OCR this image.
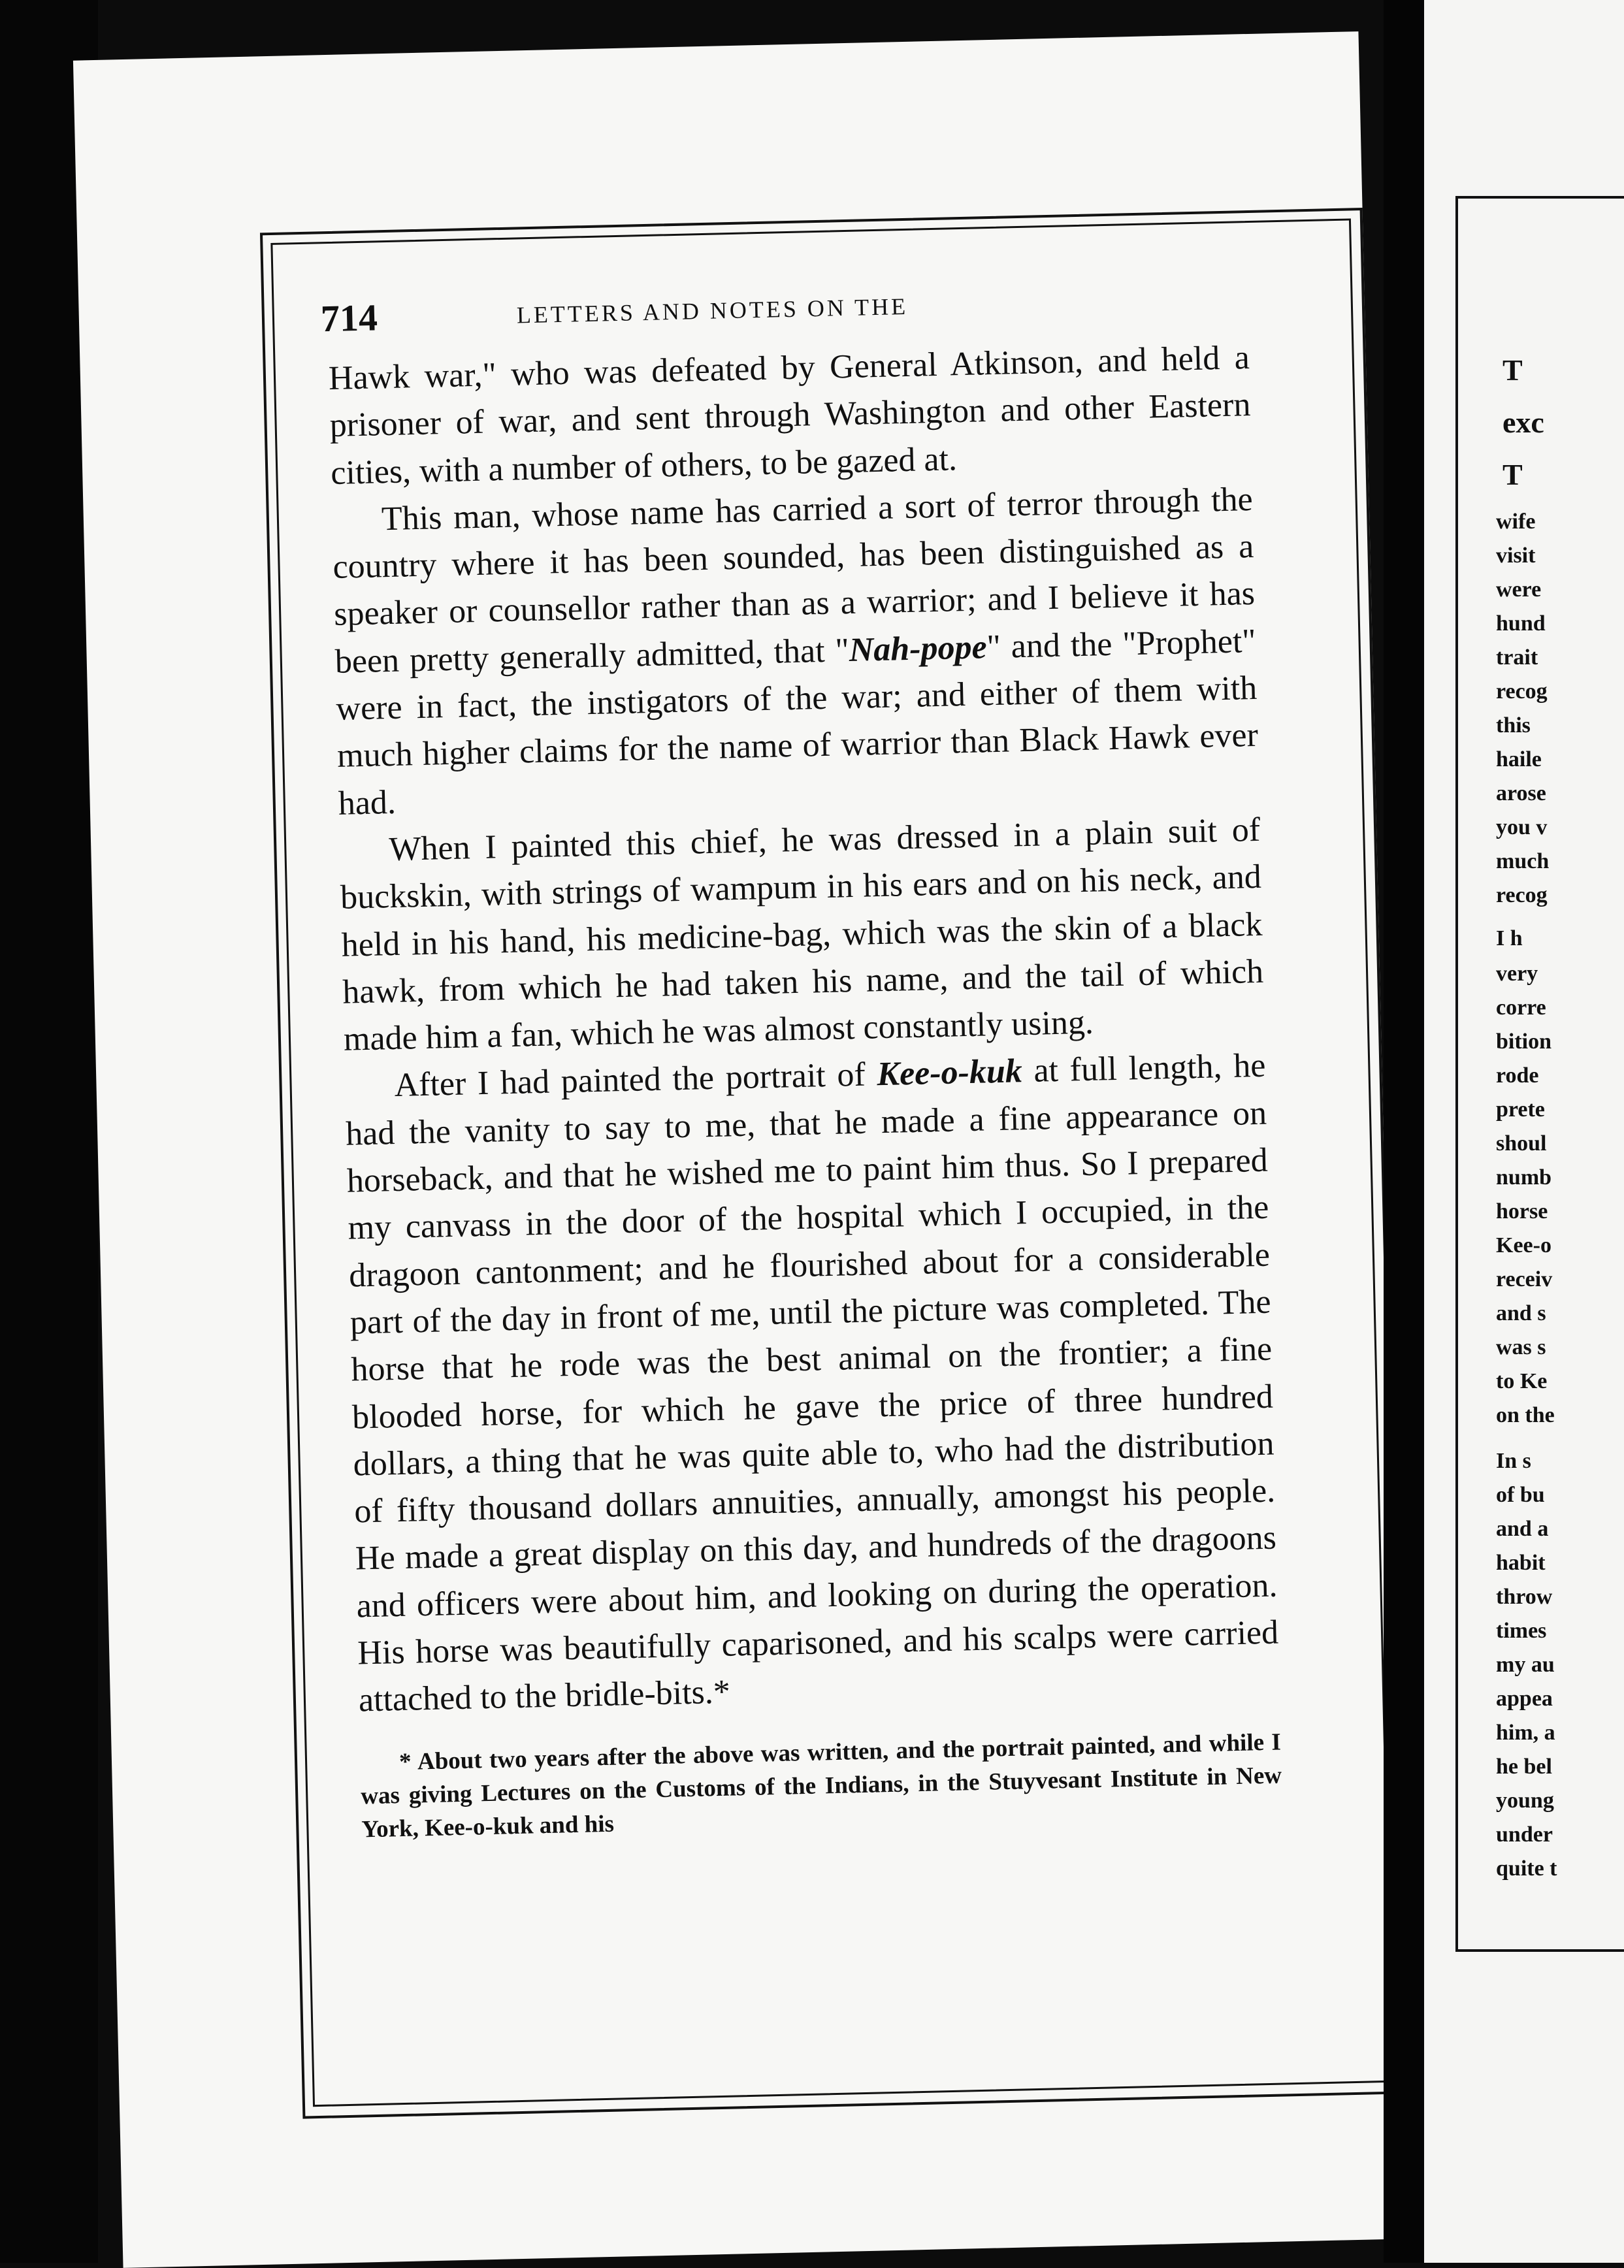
714	LETTERS AND NOTES ON THE

Hawk war," who was defeated by General Atkinson, and held a prisoner of war, and sent through Washington and other Eastern cities, with a number of others, to be gazed at.

This man, whose name has carried a sort of terror through the country where it has been sounded, has been distinguished as a speaker or counsellor rather than as a warrior; and I believe it has been pretty generally admitted, that "Nah-pope" and the "Prophet" were in fact, the instigators of the war; and either of them with much higher claims for the name of warrior than Black Hawk ever had.

When I painted this chief, he was dressed in a plain suit of buckskin, with strings of wampum in his ears and on his neck, and held in his hand, his medicine-bag, which was the skin of a black hawk, from which he had taken his name, and the tail of which made him a fan, which he was almost constantly using.

After I had painted the portrait of Kee-o-kuk at full length, he had the vanity to say to me, that he made a fine appearance on horseback, and that he wished me to paint him thus. So I prepared my canvass in the door of the hospital which I occupied, in the dragoon cantonment; and he flourished about for a considerable part of the day in front of me, until the picture was completed. The horse that he rode was the best animal on the frontier; a fine blooded horse, for which he gave the price of three hundred dollars, a thing that he was quite able to, who had the distribution of fifty thousand dollars annuities, annually, amongst his people. He made a great display on this day, and hundreds of the dragoons and officers were about him, and looking on during the operation. His horse was beautifully caparisoned, and his scalps were carried attached to the bridle-bits.*

* About two years after the above was written, and the portrait painted, and while I was giving Lectures on the Customs of the Indians, in the Stuyvesant Institute in New York, Kee-o-kuk and his
T
exc
T
wife
visit
were
hund
trait
recog
this
haile
arose
you v
much
recog
I h
very
corre
bition
rode
prete
shoul
numb
horse
Kee-o
receiv
and s
was s
to Ke
on the
In s
of bu
and a
habit
throw
times
my au
appea
him, a
he bel
young
under
quite t
